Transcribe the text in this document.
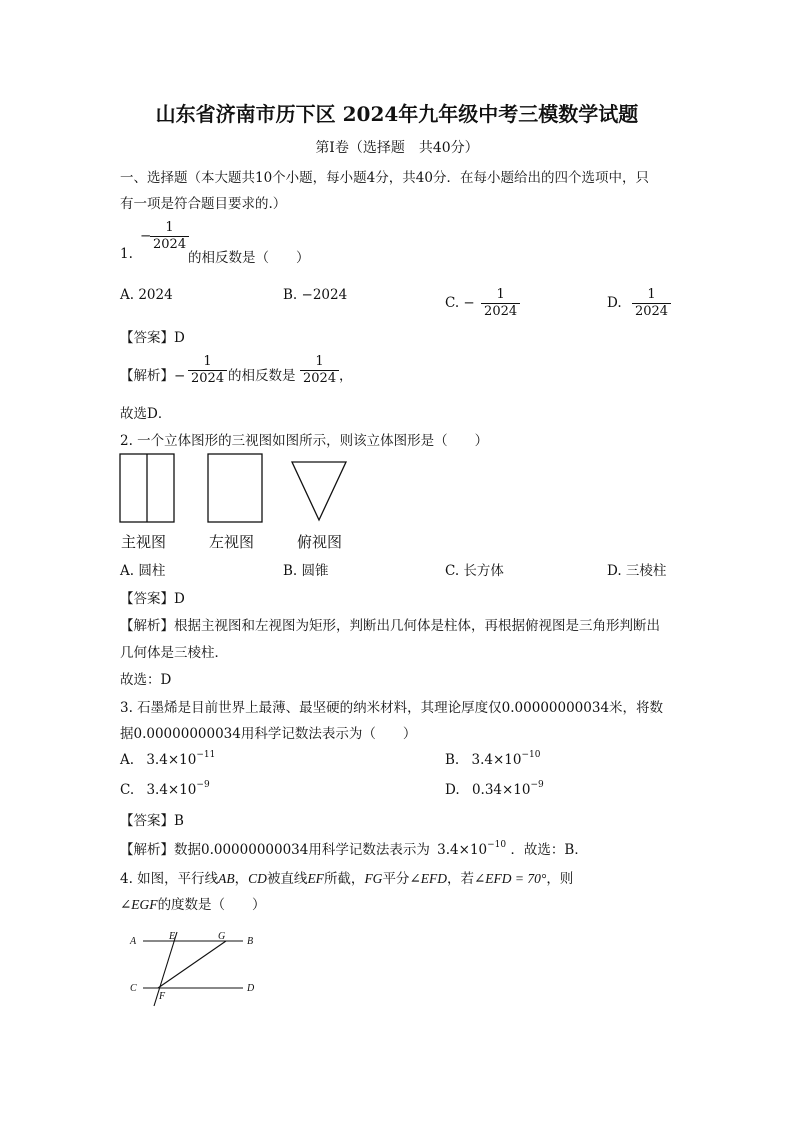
山东省济南市历下区 2024年九年级中考三模数学试题
第Ⅰ卷（选择题　共40分）
一、选择题（本大题共10个小题，每小题4分，共40分．在每小题给出的四个选项中，只
有一项是符合题目要求的.）
1.
−
$\frac{1}{2024}$
的相反数是（　　）
A. 2024	B. −2024	C. − $\frac{1}{2024}$	D. $\frac{1}{2024}$
【答案】D
【解析】− $\frac{1}{2024}$ 的相反数是 $\frac{1}{2024}$ ，
故选D．
2. 一个立体图形的三视图如图所示，则该立体图形是（　　）
主视图	左视图	俯视图
A. 圆柱	B. 圆锥	C. 长方体	D. 三棱柱
【答案】D
【解析】根据主视图和左视图为矩形，判断出几何体是柱体，再根据俯视图是三角形判断出
几何体是三棱柱．
故选：D
3. 石墨烯是目前世界上最薄、最坚硬的纳米材料，其理论厚度仅0.00000000034米，将数
据0.00000000034用科学记数法表示为（　　）
A. $3.4\times 10^{-11}$	B. $3.4\times 10^{-10}$
C. $3.4\times 10^{-9}$	D. $0.34\times 10^{-9}$
【答案】B
【解析】数据0.00000000034用科学记数法表示为 $3.4\times 10^{-10}$ ．故选：B．
4. 如图，平行线AB，CD被直线EF所截，FG平分∠EFD，若∠EFD = 70°，则
∠EGF的度数是（　　）
A	E	G B
C
F
D
